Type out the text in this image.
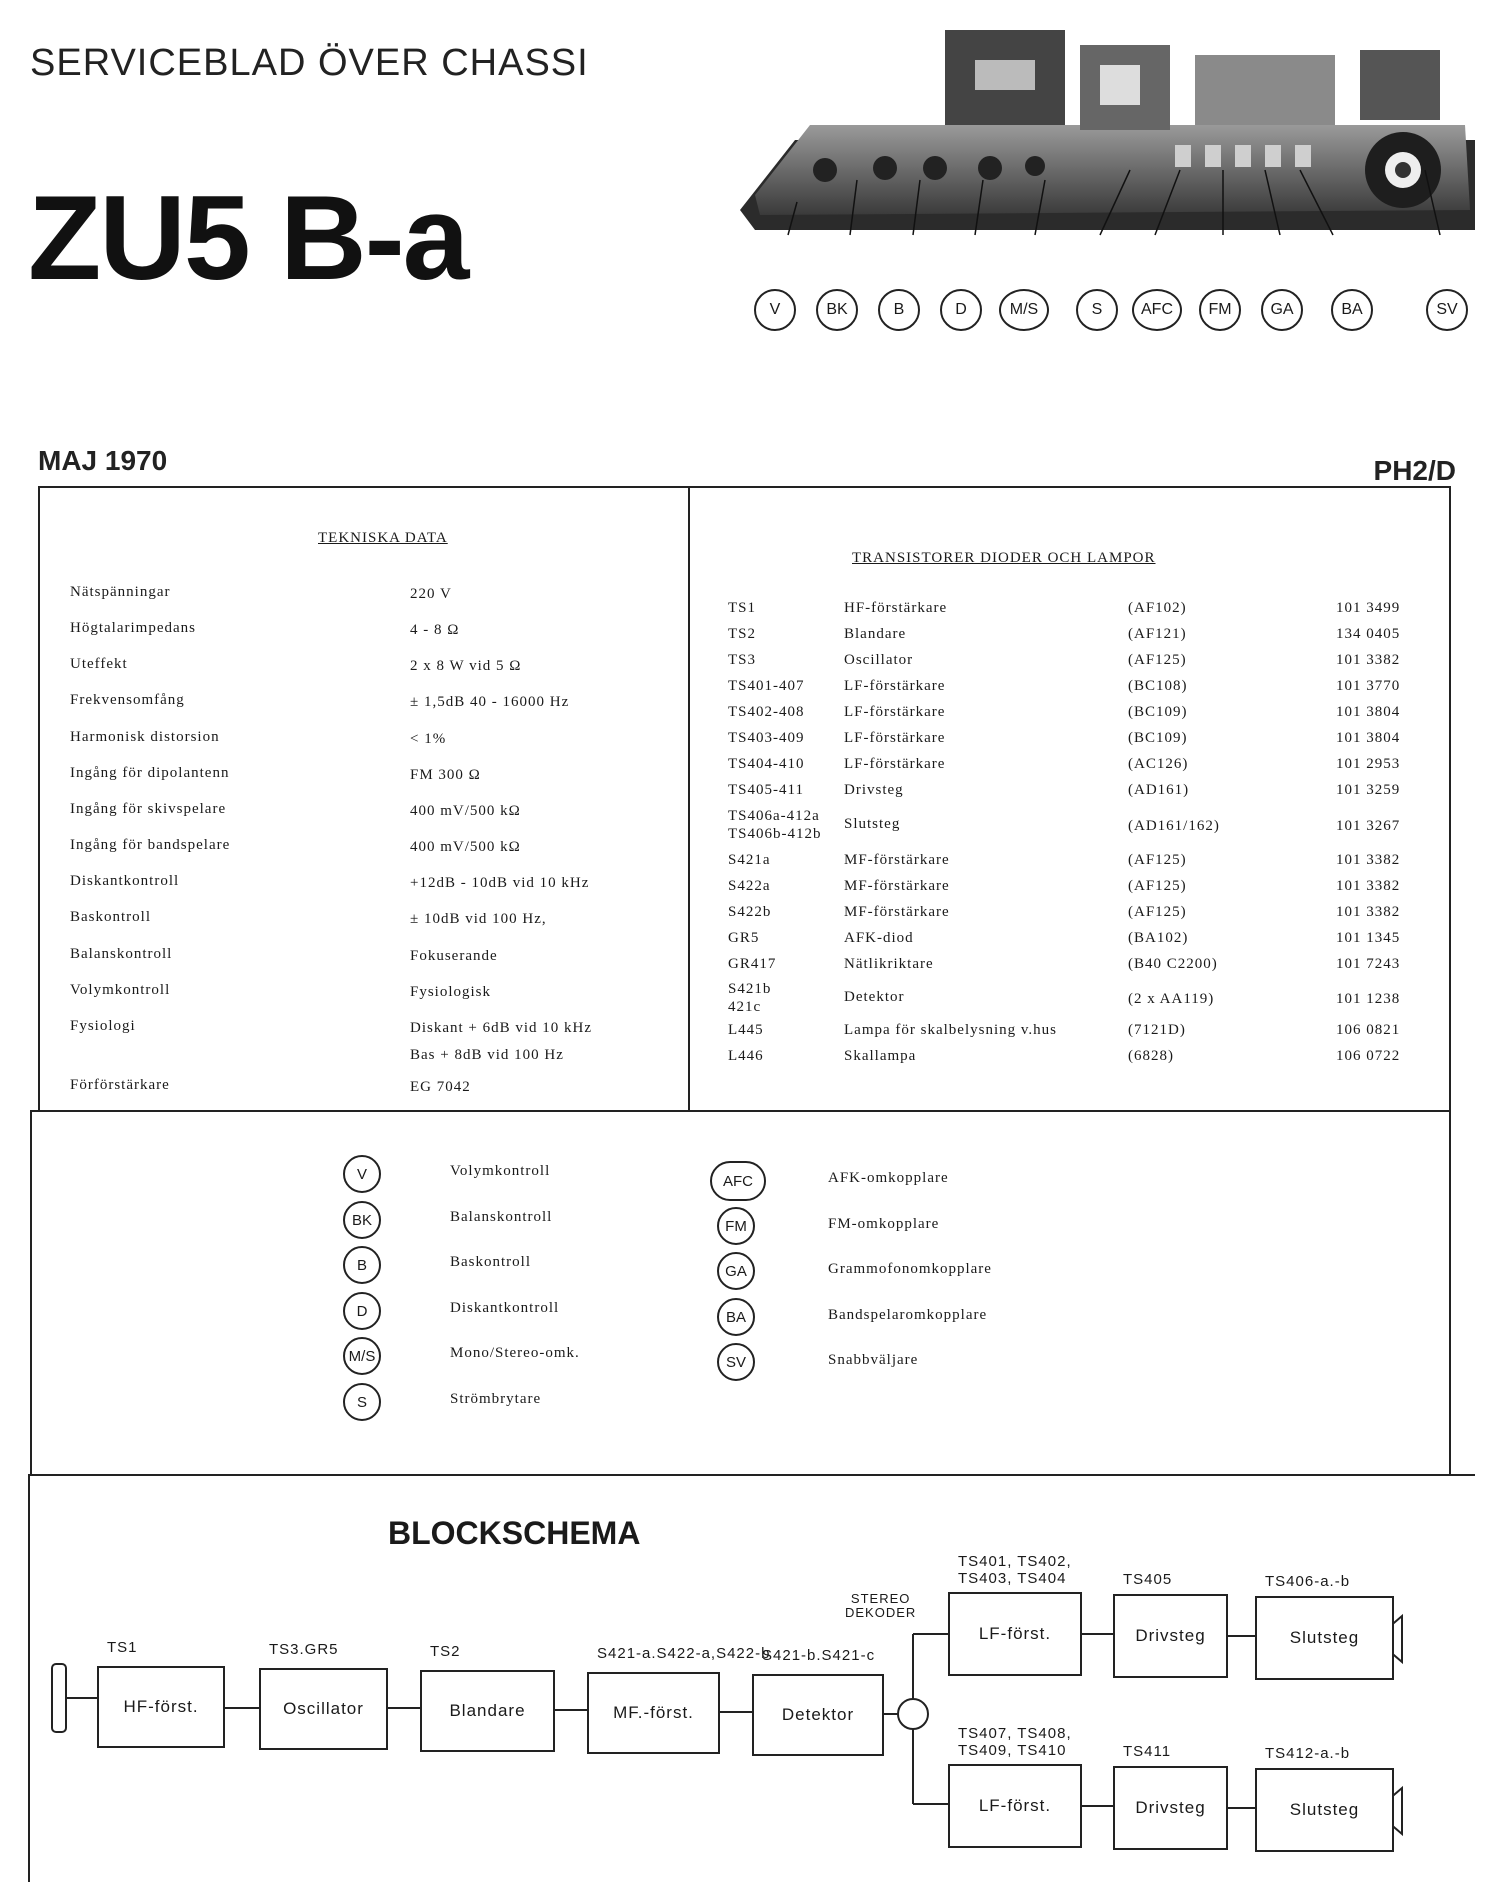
SERVICEBLAD ÖVER CHASSI
ZU5 B-a
MAJ 1970	PH2/D
V	BK	B	D	M/S	S	AFC	FM	GA	BA	SV
TEKNISKA DATA
Nätspänningar	220 V
Högtalarimpedans	4 - 8 Ω
Uteffekt	2 x 8 W vid 5 Ω
Frekvensomfång	± 1,5dB 40 - 16000 Hz
Harmonisk distorsion	< 1%
Ingång för dipolantenn	FM 300 Ω
Ingång för skivspelare	400 mV/500 kΩ
Ingång för bandspelare	400 mV/500 kΩ
Diskantkontroll	+12dB - 10dB vid 10 kHz
Baskontroll	± 10dB vid 100 Hz,
Balanskontroll	Fokuserande
Volymkontroll	Fysiologisk
Fysiologi	Diskant + 6dB vid 10 kHz
Bas + 8dB vid 100 Hz
Förförstärkare	EG 7042
TRANSISTORER DIODER OCH LAMPOR
TS1	HF-förstärkare	(AF102)	101 3499
TS2	Blandare	(AF121)	134 0405
TS3	Oscillator	(AF125)	101 3382
TS401-407	LF-förstärkare	(BC108)	101 3770
TS402-408	LF-förstärkare	(BC109)	101 3804
TS403-409	LF-förstärkare	(BC109)	101 3804
TS404-410	LF-förstärkare	(AC126)	101 2953
TS405-411	Drivsteg	(AD161)	101 3259
TS406a-412a
TS406b-412b
Slutsteg	(AD161/162)	101 3267
S421a	MF-förstärkare	(AF125)	101 3382
S422a	MF-förstärkare	(AF125)	101 3382
S422b	MF-förstärkare	(AF125)	101 3382
GR5	AFK-diod	(BA102)	101 1345
GR417	Nätlikriktare	(B40 C2200)	101 7243
S421b
421c
Detektor	(2 x AA119)	101 1238
L445	Lampa för skalbelysning v.hus	(7121D)	106 0821
L446	Skallampa	(6828)	106 0722
V	Volymkontroll
BK	Balanskontroll
B	Baskontroll
D	Diskantkontroll
M/S	Mono/Stereo-omk.
S	Strömbrytare
AFC	AFK-omkopplare
FM	FM-omkopplare
GA	Grammofonomkopplare
BA	Bandspelaromkopplare
SV	Snabbväljare
BLOCKSCHEMA
TS1
HF-först.
TS3.GR5
Oscillator
TS2
Blandare
S421-a.S422-a,S422-b
MF.-först.
S421-b.S421-c
Detektor
STEREO
DEKODER
TS401, TS402,
TS403, TS404
LF-först.
TS405
Drivsteg
TS406-a.-b
Slutsteg
TS407, TS408,
TS409, TS410
LF-först.
TS411
Drivsteg
TS412-a.-b
Slutsteg
